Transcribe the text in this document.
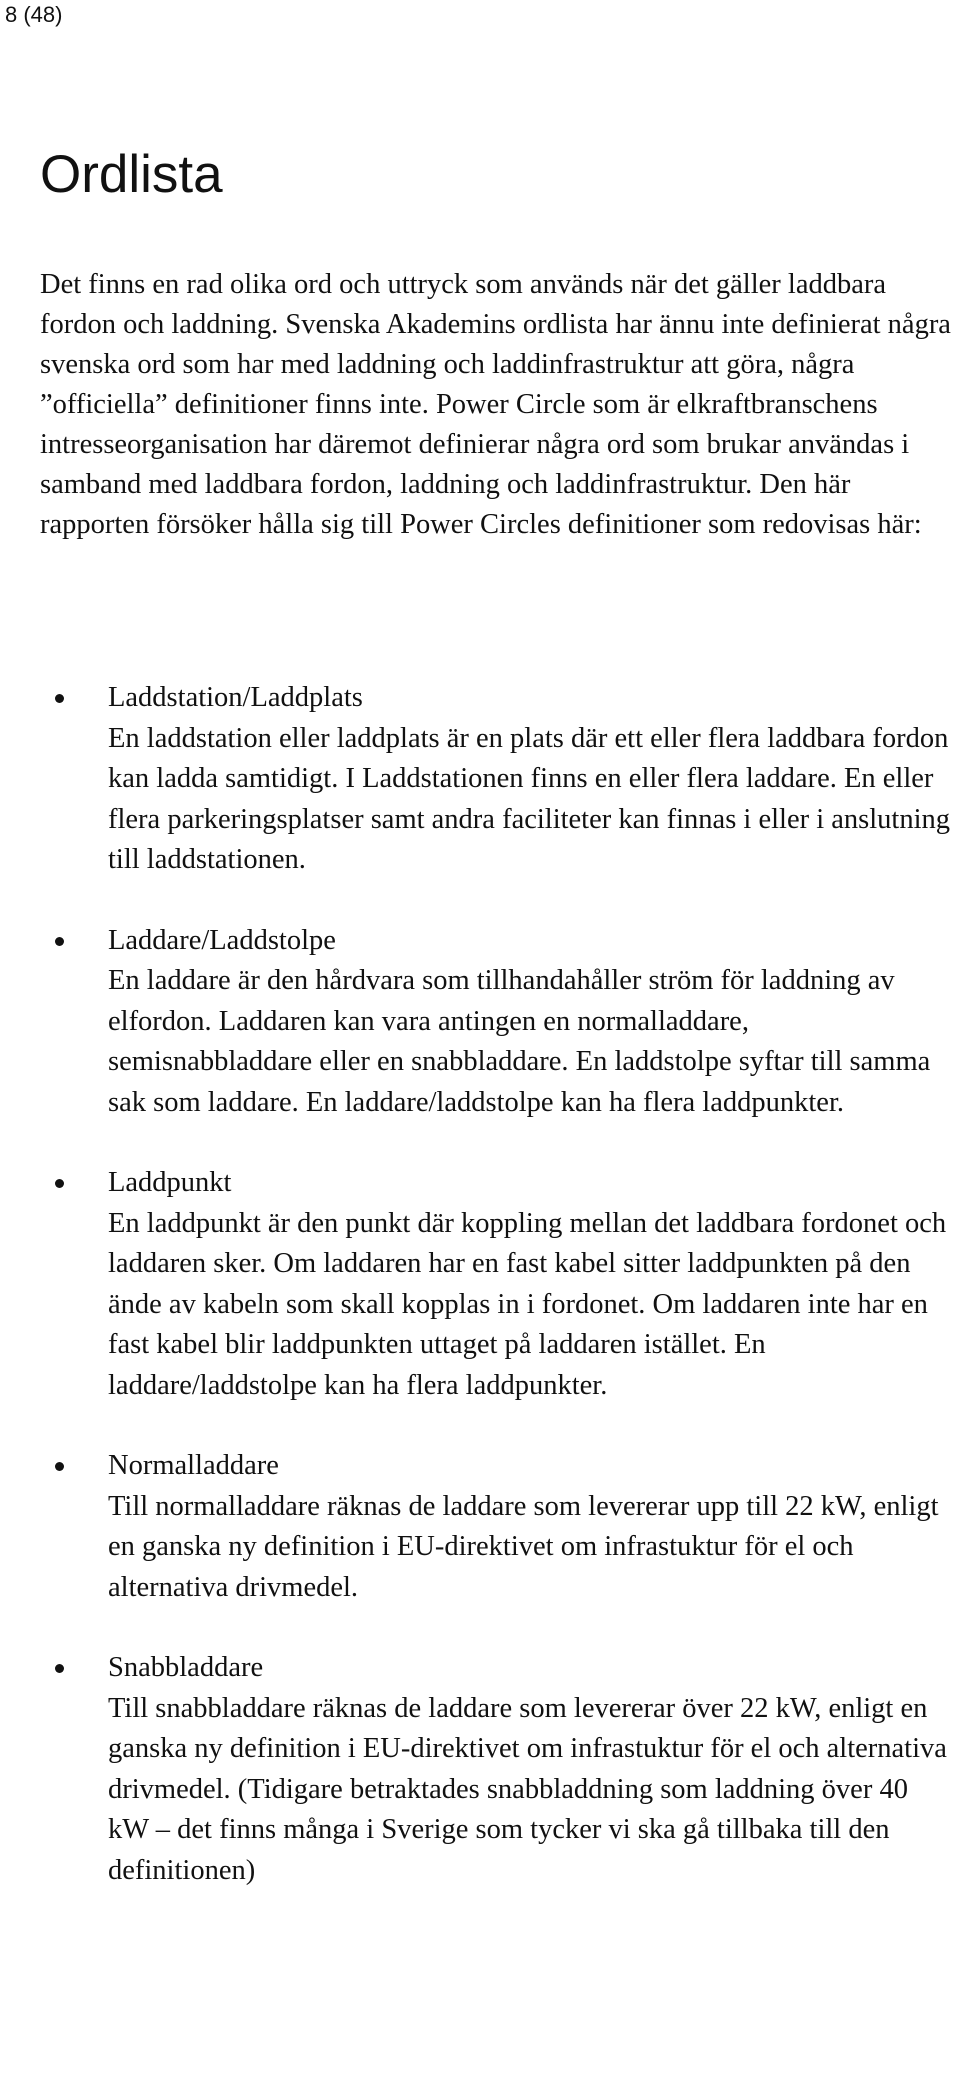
8 (48)
Ordlista

Det finns en rad olika ord och uttryck som används när det gäller laddbara fordon och laddning. Svenska Akademins ordlista har ännu inte definierat några svenska ord som har med laddning och laddinfrastruktur att göra, några ”officiella” definitioner finns inte. Power Circle som är elkraftbranschens intresseorganisation har däremot definierar några ord som brukar användas i samband med laddbara fordon, laddning och laddinfrastruktur. Den här rapporten försöker hålla sig till Power Circles definitioner som redovisas här:

Laddstation/Laddplats
En laddstation eller laddplats är en plats där ett eller flera laddbara fordon kan ladda samtidigt. I Laddstationen finns en eller flera laddare. En eller flera parkeringsplatser samt andra faciliteter kan finnas i eller i anslutning till laddstationen.
Laddare/Laddstolpe
En laddare är den hårdvara som tillhandahåller ström för laddning av elfordon. Laddaren kan vara antingen en normalladdare, semisnabbladdare eller en snabbladdare. En laddstolpe syftar till samma sak som laddare. En laddare/laddstolpe kan ha flera laddpunkter.
Laddpunkt
En laddpunkt är den punkt där koppling mellan det laddbara fordonet och laddaren sker. Om laddaren har en fast kabel sitter laddpunkten på den ände av kabeln som skall kopplas in i fordonet. Om laddaren inte har en fast kabel blir laddpunkten uttaget på laddaren istället. En laddare/laddstolpe kan ha flera laddpunkter.
Normalladdare
Till normalladdare räknas de laddare som levererar upp till 22 kW, enligt en ganska ny definition i EU-direktivet om infrastuktur för el och alternativa drivmedel.
Snabbladdare
Till snabbladdare räknas de laddare som levererar över 22 kW, enligt en ganska ny definition i EU-direktivet om infrastuktur för el och alternativa drivmedel. (Tidigare betraktades snabbladdning som laddning över 40 kW – det finns många i Sverige som tycker vi ska gå tillbaka till den definitionen)
